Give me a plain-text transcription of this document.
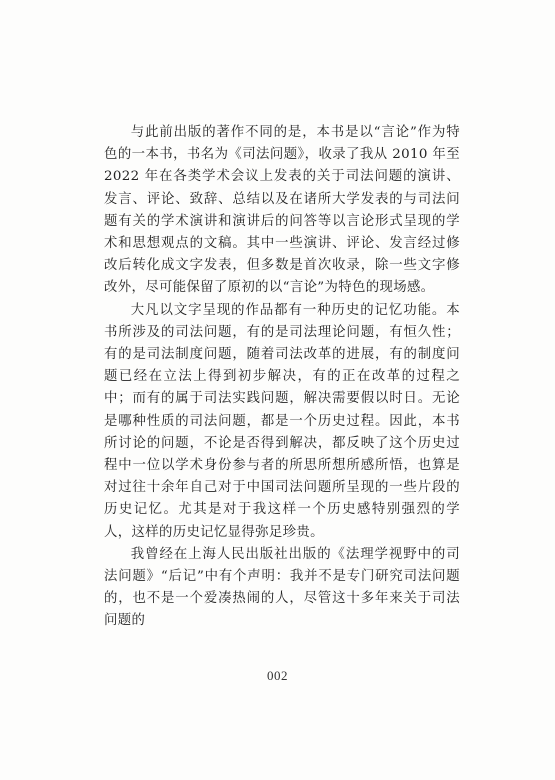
与此前出版的著作不同的是，本书是以“言论”作为特色的一本书，书名为《司法问题》，收录了我从 2010 年至 2022 年在各类学术会议上发表的关于司法问题的演讲、发言、评论、致辞、总结以及在诸所大学发表的与司法问题有关的学术演讲和演讲后的问答等以言论形式呈现的学术和思想观点的文稿。其中一些演讲、评论、发言经过修改后转化成文字发表，但多数是首次收录，除一些文字修改外，尽可能保留了原初的以“言论”为特色的现场感。

大凡以文字呈现的作品都有一种历史的记忆功能。本书所涉及的司法问题，有的是司法理论问题，有恒久性；有的是司法制度问题，随着司法改革的进展，有的制度问题已经在立法上得到初步解决，有的正在改革的过程之中；而有的属于司法实践问题，解决需要假以时日。无论是哪种性质的司法问题，都是一个历史过程。因此，本书所讨论的问题，不论是否得到解决，都反映了这个历史过程中一位以学术身份参与者的所思所想所感所悟，也算是对过往十余年自己对于中国司法问题所呈现的一些片段的历史记忆。尤其是对于我这样一个历史感特别强烈的学人，这样的历史记忆显得弥足珍贵。

我曾经在上海人民出版社出版的《法理学视野中的司法问题》“后记”中有个声明：我并不是专门研究司法问题的，也不是一个爱凑热闹的人，尽管这十多年来关于司法问题的

002
